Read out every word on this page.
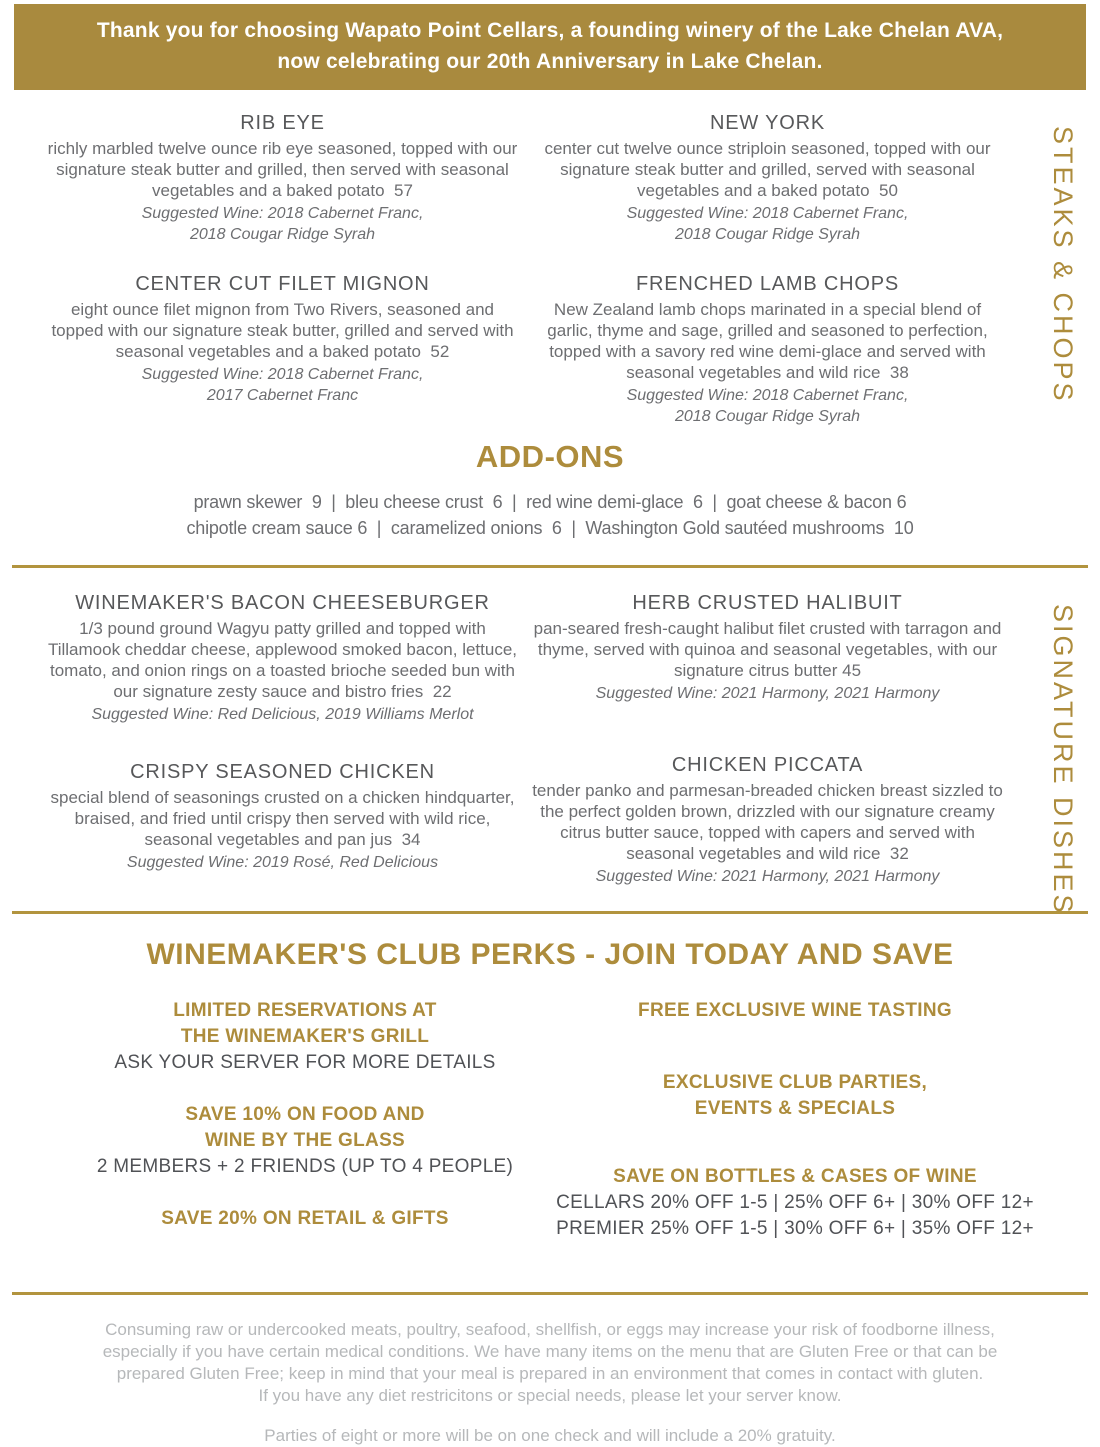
Thank you for choosing Wapato Point Cellars, a founding winery of the Lake Chelan AVA,
now celebrating our 20th Anniversary in Lake Chelan.
STEAKS & CHOPS
SIGNATURE DISHES
RIB EYE

richly marbled twelve ounce rib eye seasoned, topped with our signature steak butter and grilled, then served with seasonal vegetables and a baked potato  57

Suggested Wine: 2018 Cabernet Franc,
2018 Cougar Ridge Syrah

CENTER CUT FILET MIGNON

eight ounce filet mignon from Two Rivers, seasoned and topped with our signature steak butter, grilled and served with seasonal vegetables and a baked potato  52

Suggested Wine: 2018 Cabernet Franc,
2017 Cabernet Franc

NEW YORK

center cut twelve ounce striploin seasoned, topped with our signature steak butter and grilled, served with seasonal vegetables and a baked potato  50

Suggested Wine: 2018 Cabernet Franc,
2018 Cougar Ridge Syrah

FRENCHED LAMB CHOPS

New Zealand lamb chops marinated in a special blend of garlic, thyme and sage, grilled and seasoned to perfection, topped with a savory red wine demi-glace and served with seasonal vegetables and wild rice  38

Suggested Wine: 2018 Cabernet Franc,
2018 Cougar Ridge Syrah

ADD-ONS

prawn skewer  9  |  bleu cheese crust  6  |  red wine demi-glace  6  |  goat cheese & bacon 6

chipotle cream sauce 6  |  caramelized onions  6  |  Washington Gold sautéed mushrooms  10

WINEMAKER'S BACON CHEESEBURGER

1/3 pound ground Wagyu patty grilled and topped with Tillamook cheddar cheese, applewood smoked bacon, lettuce, tomato, and onion rings on a toasted brioche seeded bun with our signature zesty sauce and bistro fries  22

Suggested Wine: Red Delicious, 2019 Williams Merlot

CRISPY SEASONED CHICKEN

special blend of seasonings crusted on a chicken hindquarter, braised, and fried until crispy then served with wild rice, seasonal vegetables and pan jus  34

Suggested Wine: 2019 Rosé, Red Delicious

HERB CRUSTED HALIBUIT

pan-seared fresh-caught halibut filet crusted with tarragon and thyme, served with quinoa and seasonal vegetables, with our signature citrus butter 45

Suggested Wine: 2021 Harmony, 2021 Harmony

CHICKEN PICCATA

tender panko and parmesan-breaded chicken breast sizzled to the perfect golden brown, drizzled with our signature creamy citrus butter sauce, topped with capers and served with seasonal vegetables and wild rice  32

Suggested Wine: 2021 Harmony, 2021 Harmony

WINEMAKER'S CLUB PERKS - JOIN TODAY AND SAVE
LIMITED RESERVATIONS AT
THE WINEMAKER'S GRILL
ASK YOUR SERVER FOR MORE DETAILS
SAVE 10% ON FOOD AND
WINE BY THE GLASS
2 MEMBERS + 2 FRIENDS (UP TO 4 PEOPLE)
SAVE 20% ON RETAIL & GIFTS
FREE EXCLUSIVE WINE TASTING
EXCLUSIVE CLUB PARTIES,
EVENTS & SPECIALS
SAVE ON BOTTLES & CASES OF WINE
CELLARS 20% OFF 1-5 | 25% OFF 6+ | 30% OFF 12+
PREMIER 25% OFF 1-5 | 30% OFF 6+ | 35% OFF 12+

Consuming raw or undercooked meats, poultry, seafood, shellfish, or eggs may increase your risk of foodborne illness,

especially if you have certain medical conditions. We have many items on the menu that are Gluten Free or that can be

prepared Gluten Free; keep in mind that your meal is prepared in an environment that comes in contact with gluten.

If you have any diet restricitons or special needs, please let your server know.

Parties of eight or more will be on one check and will include a 20% gratuity.
